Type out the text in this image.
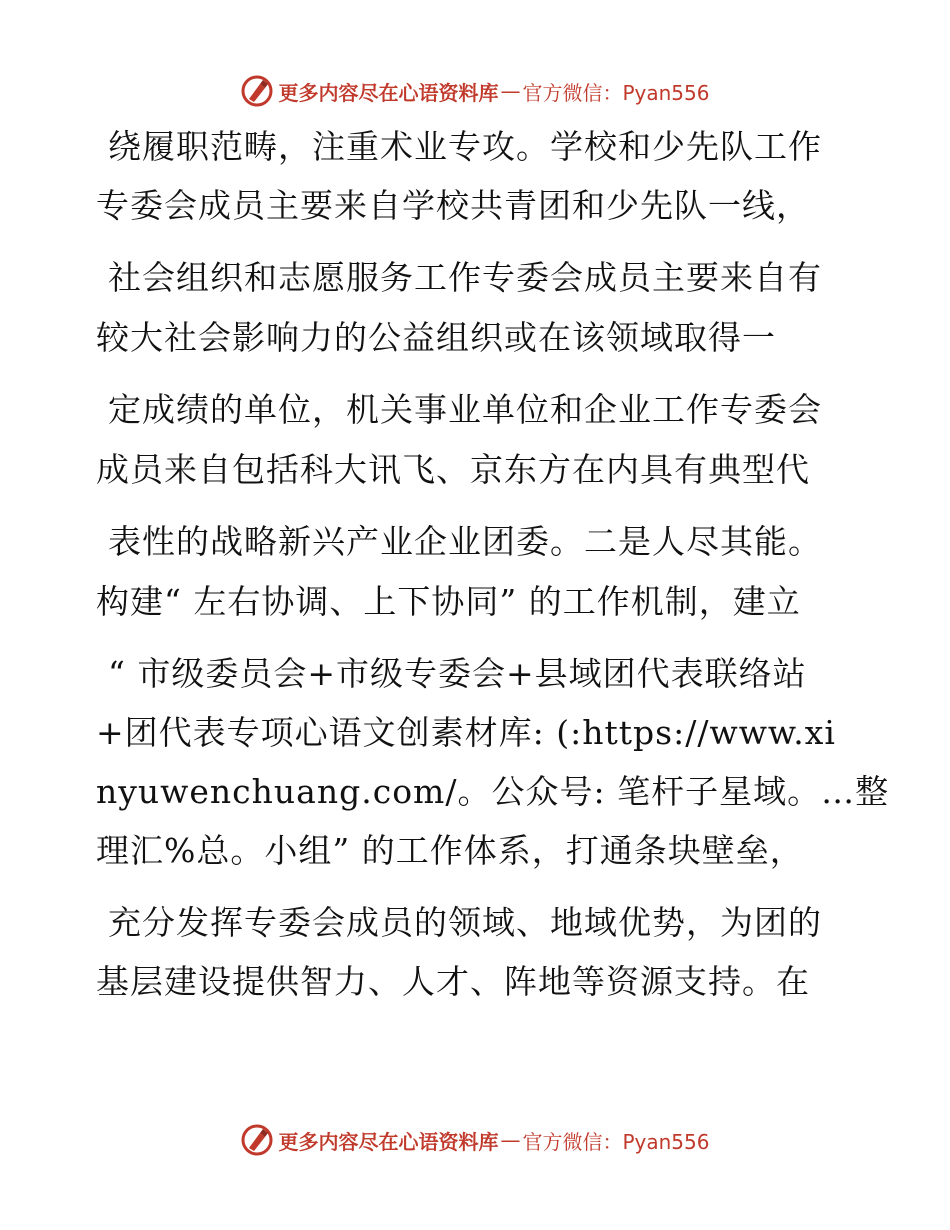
更多内容尽在心语资料库 — 官方微信：Pyan556
绕履职范畴，注重术业专攻。学校和少先队工作
专委会成员主要来自学校共青团和少先队一线，
社会组织和志愿服务工作专委会成员主要来自有
较大社会影响力的公益组织或在该领域取得一
定成绩的单位，机关事业单位和企业工作专委会
成员来自包括科大讯飞、京东方在内具有典型代
表性的战略新兴产业企业团委。二是人尽其能。
构建“ 左右协调、上下协同” 的工作机制，建立
“ 市级委员会+市级专委会+县域团代表联络站
+团代表专项心语文创素材库: (:https://www.xi
nyuwenchuang.com/。公众号: 笔杆子星域。…整
理汇%总。小组” 的工作体系，打通条块壁垒，
充分发挥专委会成员的领域、地域优势，为团的
基层建设提供智力、人才、阵地等资源支持。在
更多内容尽在心语资料库 — 官方微信：Pyan556
